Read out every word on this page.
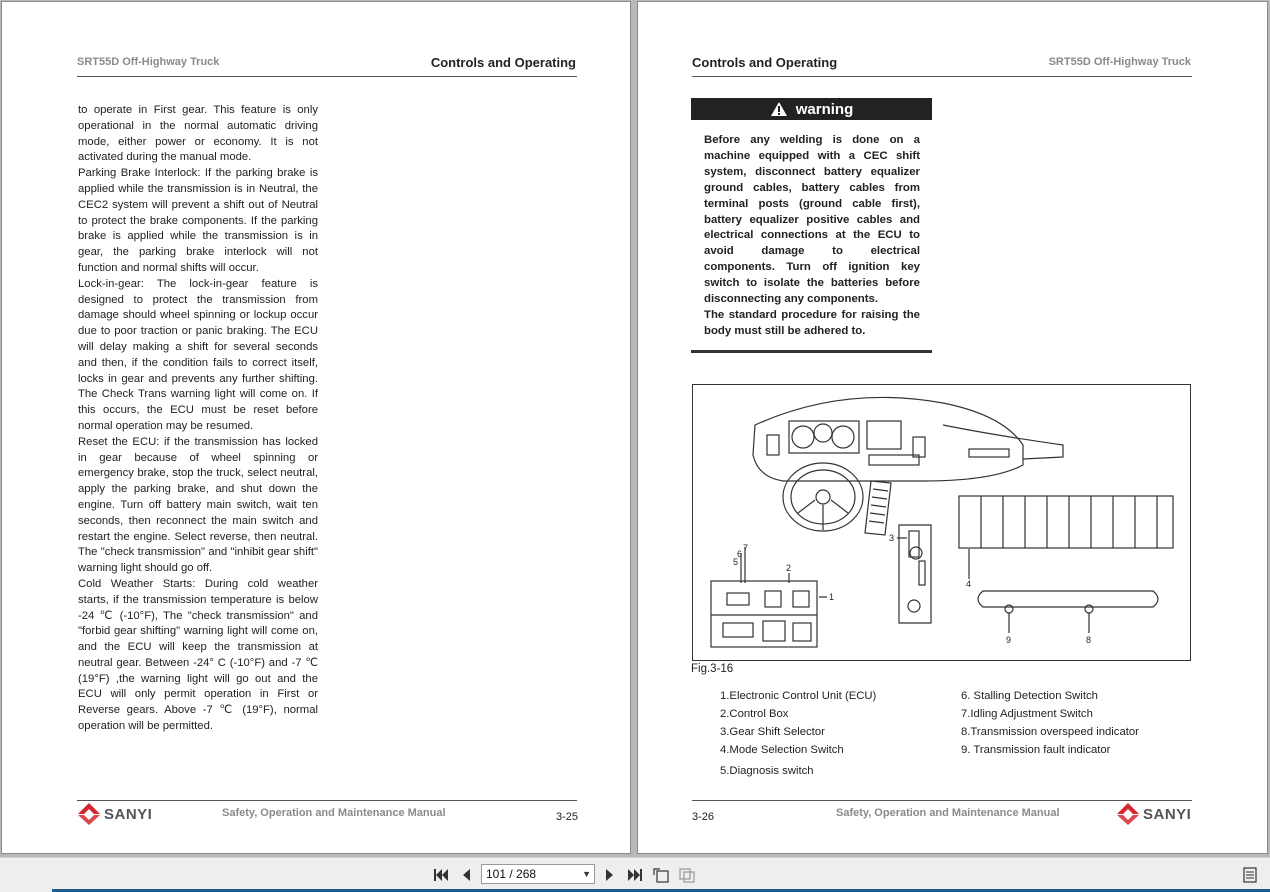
SRT55D Off-Highway Truck	Controls and Operating

to operate in First gear. This feature is only operational in the normal automatic driving mode, either power or economy. It is not activated during the manual mode.

Parking Brake Interlock: If the parking brake is applied while the transmission is in Neutral, the CEC2 system will prevent a shift out of Neutral to protect the brake components. If the parking brake is applied while the transmission is in gear, the parking brake interlock will not function and normal shifts will occur.

Lock-in-gear: The lock-in-gear feature is designed to protect the transmission from damage should wheel spinning or lockup occur due to poor traction or panic braking. The ECU will delay making a shift for several seconds and then, if the condition fails to correct itself, locks in gear and prevents any further shifting. The Check Trans warning light will come on. If this occurs, the ECU must be reset before normal operation may be resumed.

Reset the ECU: if the transmission has locked in gear because of wheel spinning or emergency brake, stop the truck, select neutral, apply the parking brake, and shut down the engine. Turn off battery main switch, wait ten seconds, then reconnect the main switch and restart the engine. Select reverse, then neutral. The "check transmission" and "inhibit gear shift" warning light should go off.

Cold Weather Starts: During cold weather starts, if the transmission temperature is below -24 ℃ (-10°F), The "check transmission" and "forbid gear shifting" warning light will come on, and the ECU will keep the transmission at neutral gear. Between -24° C (-10°F) and -7 ℃ (19°F) ,the warning light will go out and the ECU will only permit operation in First or Reverse gears. Above -7 ℃ (19°F), normal operation will be permitted.

SANYI	Safety, Operation and Maintenance Manual	3-25
Controls and Operating	SRT55D Off-Highway Truck
warning

Before any welding is done on a machine equipped with a CEC shift system, disconnect battery equalizer ground cables, battery cables from terminal posts (ground cable first), battery equalizer positive cables and electrical connections at the ECU to avoid damage to electrical components. Turn off ignition key switch to isolate the batteries before disconnecting any components.

The standard procedure for raising the body must still be adhered to.

1
2
3
4
5
6
7
8
9
Fig.3-16
1.Electronic Control Unit (ECU)
2.Control Box
3.Gear Shift Selector
4.Mode Selection Switch
5.Diagnosis switch
6. Stalling Detection Switch
7.Idling Adjustment Switch
8.Transmission overspeed indicator
9. Transmission fault indicator
3-26	Safety, Operation and Maintenance Manual	SANYI
101 / 268	▼
